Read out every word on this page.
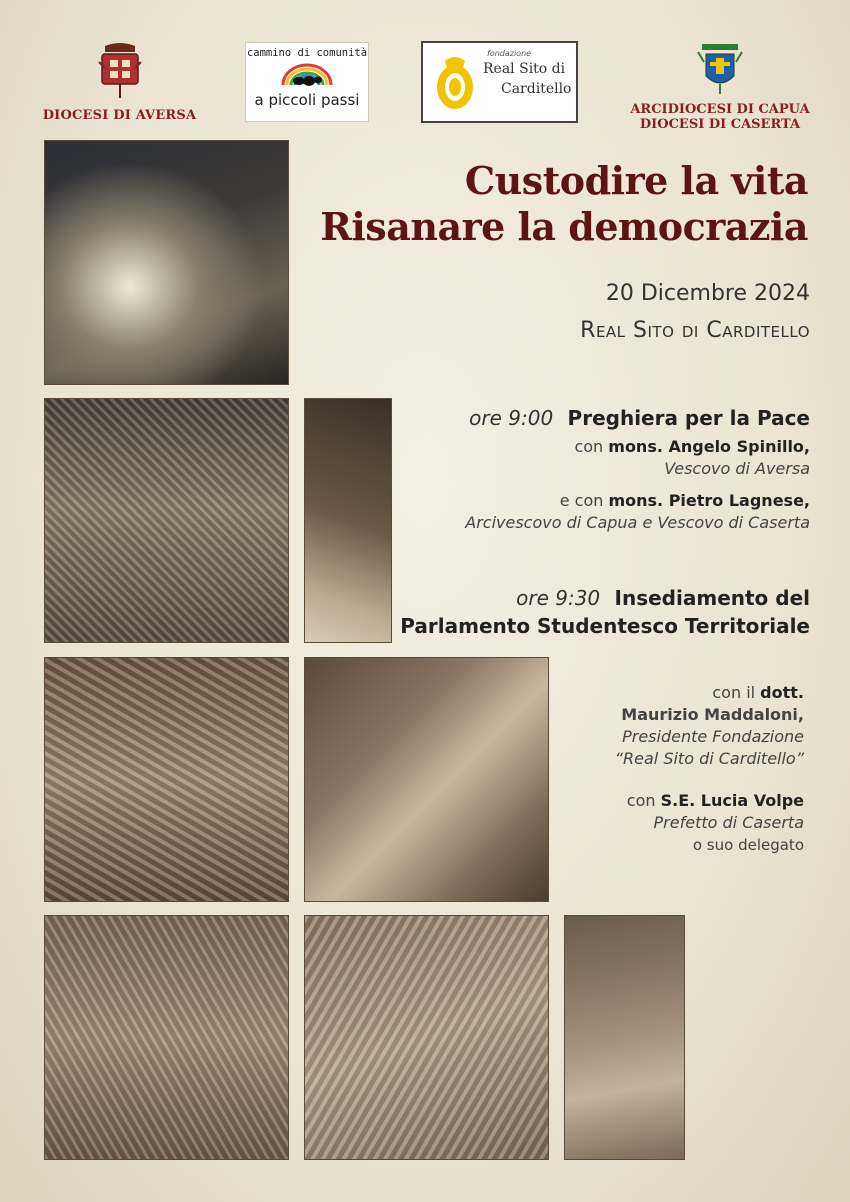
DIOCESI DI AVERSA
cammino di comunità
a piccoli passi
fondazione
Real Sito di
Carditello
ARCIDIOCESI DI CAPUA
DIOCESI DI CASERTA
Custodire la vita
Risanare la democrazia
20 Dicembre 2024
Real Sito di Carditello
ore 9:00 Preghiera per la Pace
con mons. Angelo Spinillo,
Vescovo di Aversa
e con mons. Pietro Lagnese,
Arcivescovo di Capua e Vescovo di Caserta
ore 9:30 Insediamento del
Parlamento Studentesco Territoriale
con il dott.
Maurizio Maddaloni,
Presidente Fondazione
“Real Sito di Carditello”
con S.E. Lucia Volpe
Prefetto di Caserta
o suo delegato
